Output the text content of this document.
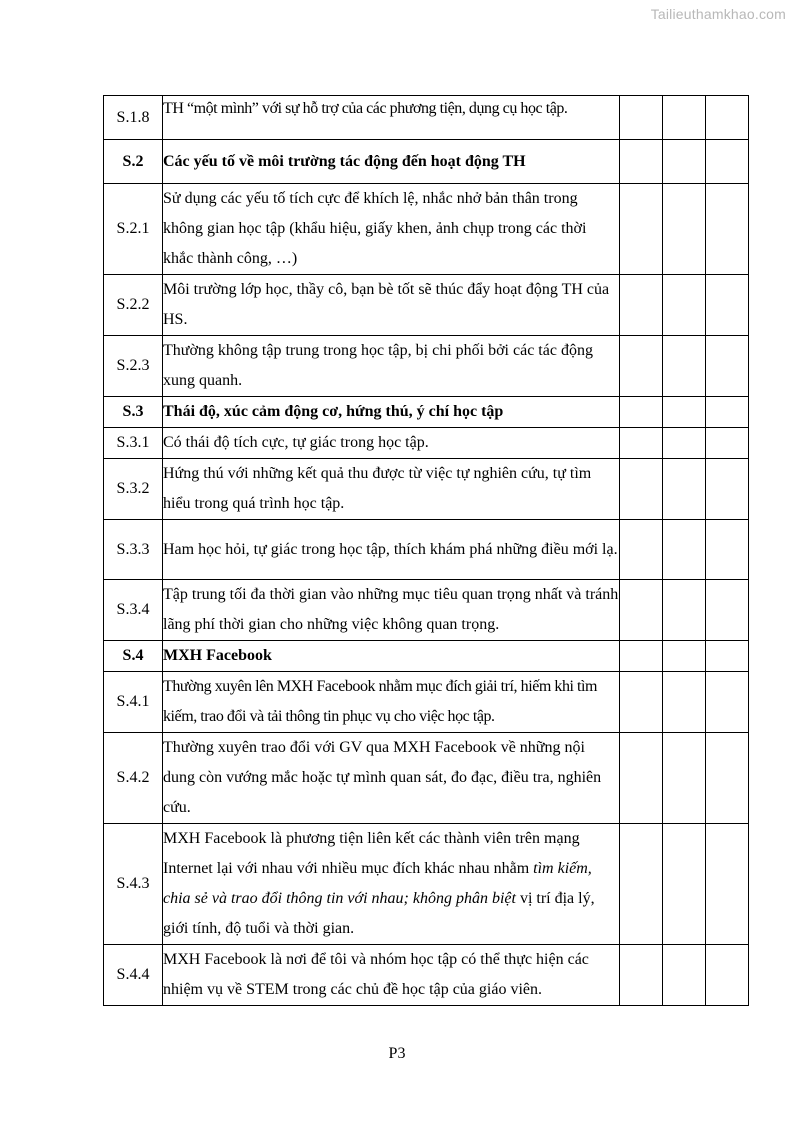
Tailieuthamkhao.com
S.1.8	TH “một mình” với sự hỗ trợ của các phương tiện, dụng cụ học tập.			
S.2	Các yếu tố về môi trường tác động đến hoạt động TH			
S.2.1	Sử dụng các yếu tố tích cực để khích lệ, nhắc nhở bản thân trong không gian học tập (khẩu hiệu, giấy khen, ảnh chụp trong các thời khắc thành công, …)			
S.2.2	Môi trường lớp học, thầy cô, bạn bè tốt sẽ thúc đẩy hoạt động TH của HS.			
S.2.3	Thường không tập trung trong học tập, bị chi phối bởi các tác động xung quanh.			
S.3	Thái độ, xúc cảm động cơ, hứng thú, ý chí học tập			
S.3.1	Có thái độ tích cực, tự giác trong học tập.			
S.3.2	Hứng thú với những kết quả thu được từ việc tự nghiên cứu, tự tìm hiểu trong quá trình học tập.			
S.3.3	Ham học hỏi, tự giác trong học tập, thích khám phá những điều mới lạ.			
S.3.4	Tập trung tối đa thời gian vào những mục tiêu quan trọng nhất và tránh lãng phí thời gian cho những việc không quan trọng.			
S.4	MXH Facebook			
S.4.1	Thường xuyên lên MXH Facebook nhằm mục đích giải trí, hiếm khi tìm kiếm, trao đổi và tải thông tin phục vụ cho việc học tập.			
S.4.2	Thường xuyên trao đổi với GV qua MXH Facebook về những nội dung còn vướng mắc hoặc tự mình quan sát, đo đạc, điều tra, nghiên cứu.			
S.4.3	MXH Facebook là phương tiện liên kết các thành viên trên mạng Internet lại với nhau với nhiều mục đích khác nhau nhằm tìm kiếm, chia sẻ và trao đổi thông tin với nhau; không phân biệt vị trí địa lý, giới tính, độ tuổi và thời gian.			
S.4.4	MXH Facebook là nơi để tôi và nhóm học tập có thể thực hiện các nhiệm vụ về STEM trong các chủ đề học tập của giáo viên.			
P3
